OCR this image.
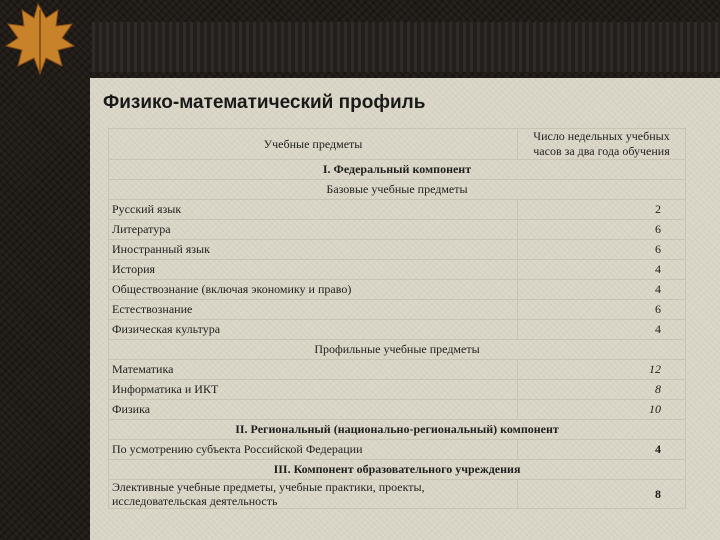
Физико-математический профиль
Учебные предметы	Число недельных учебных часов за два года обучения
I. Федеральный компонент	
Базовые учебные предметы	
Русский язык	2
Литература	6
Иностранный язык	6
История	4
Обществознание (включая экономику и право)	4
Естествознание	6
Физическая культура	4
Профильные учебные предметы	
Математика	12
Информатика и ИКТ	8
Физика	10
II. Региональный (национально-региональный) компонент	
По усмотрению субъекта Российской Федерации	4
III. Компонент образовательного учреждения	
Элективные учебные предметы, учебные практики, проекты, исследовательская деятельность	8
